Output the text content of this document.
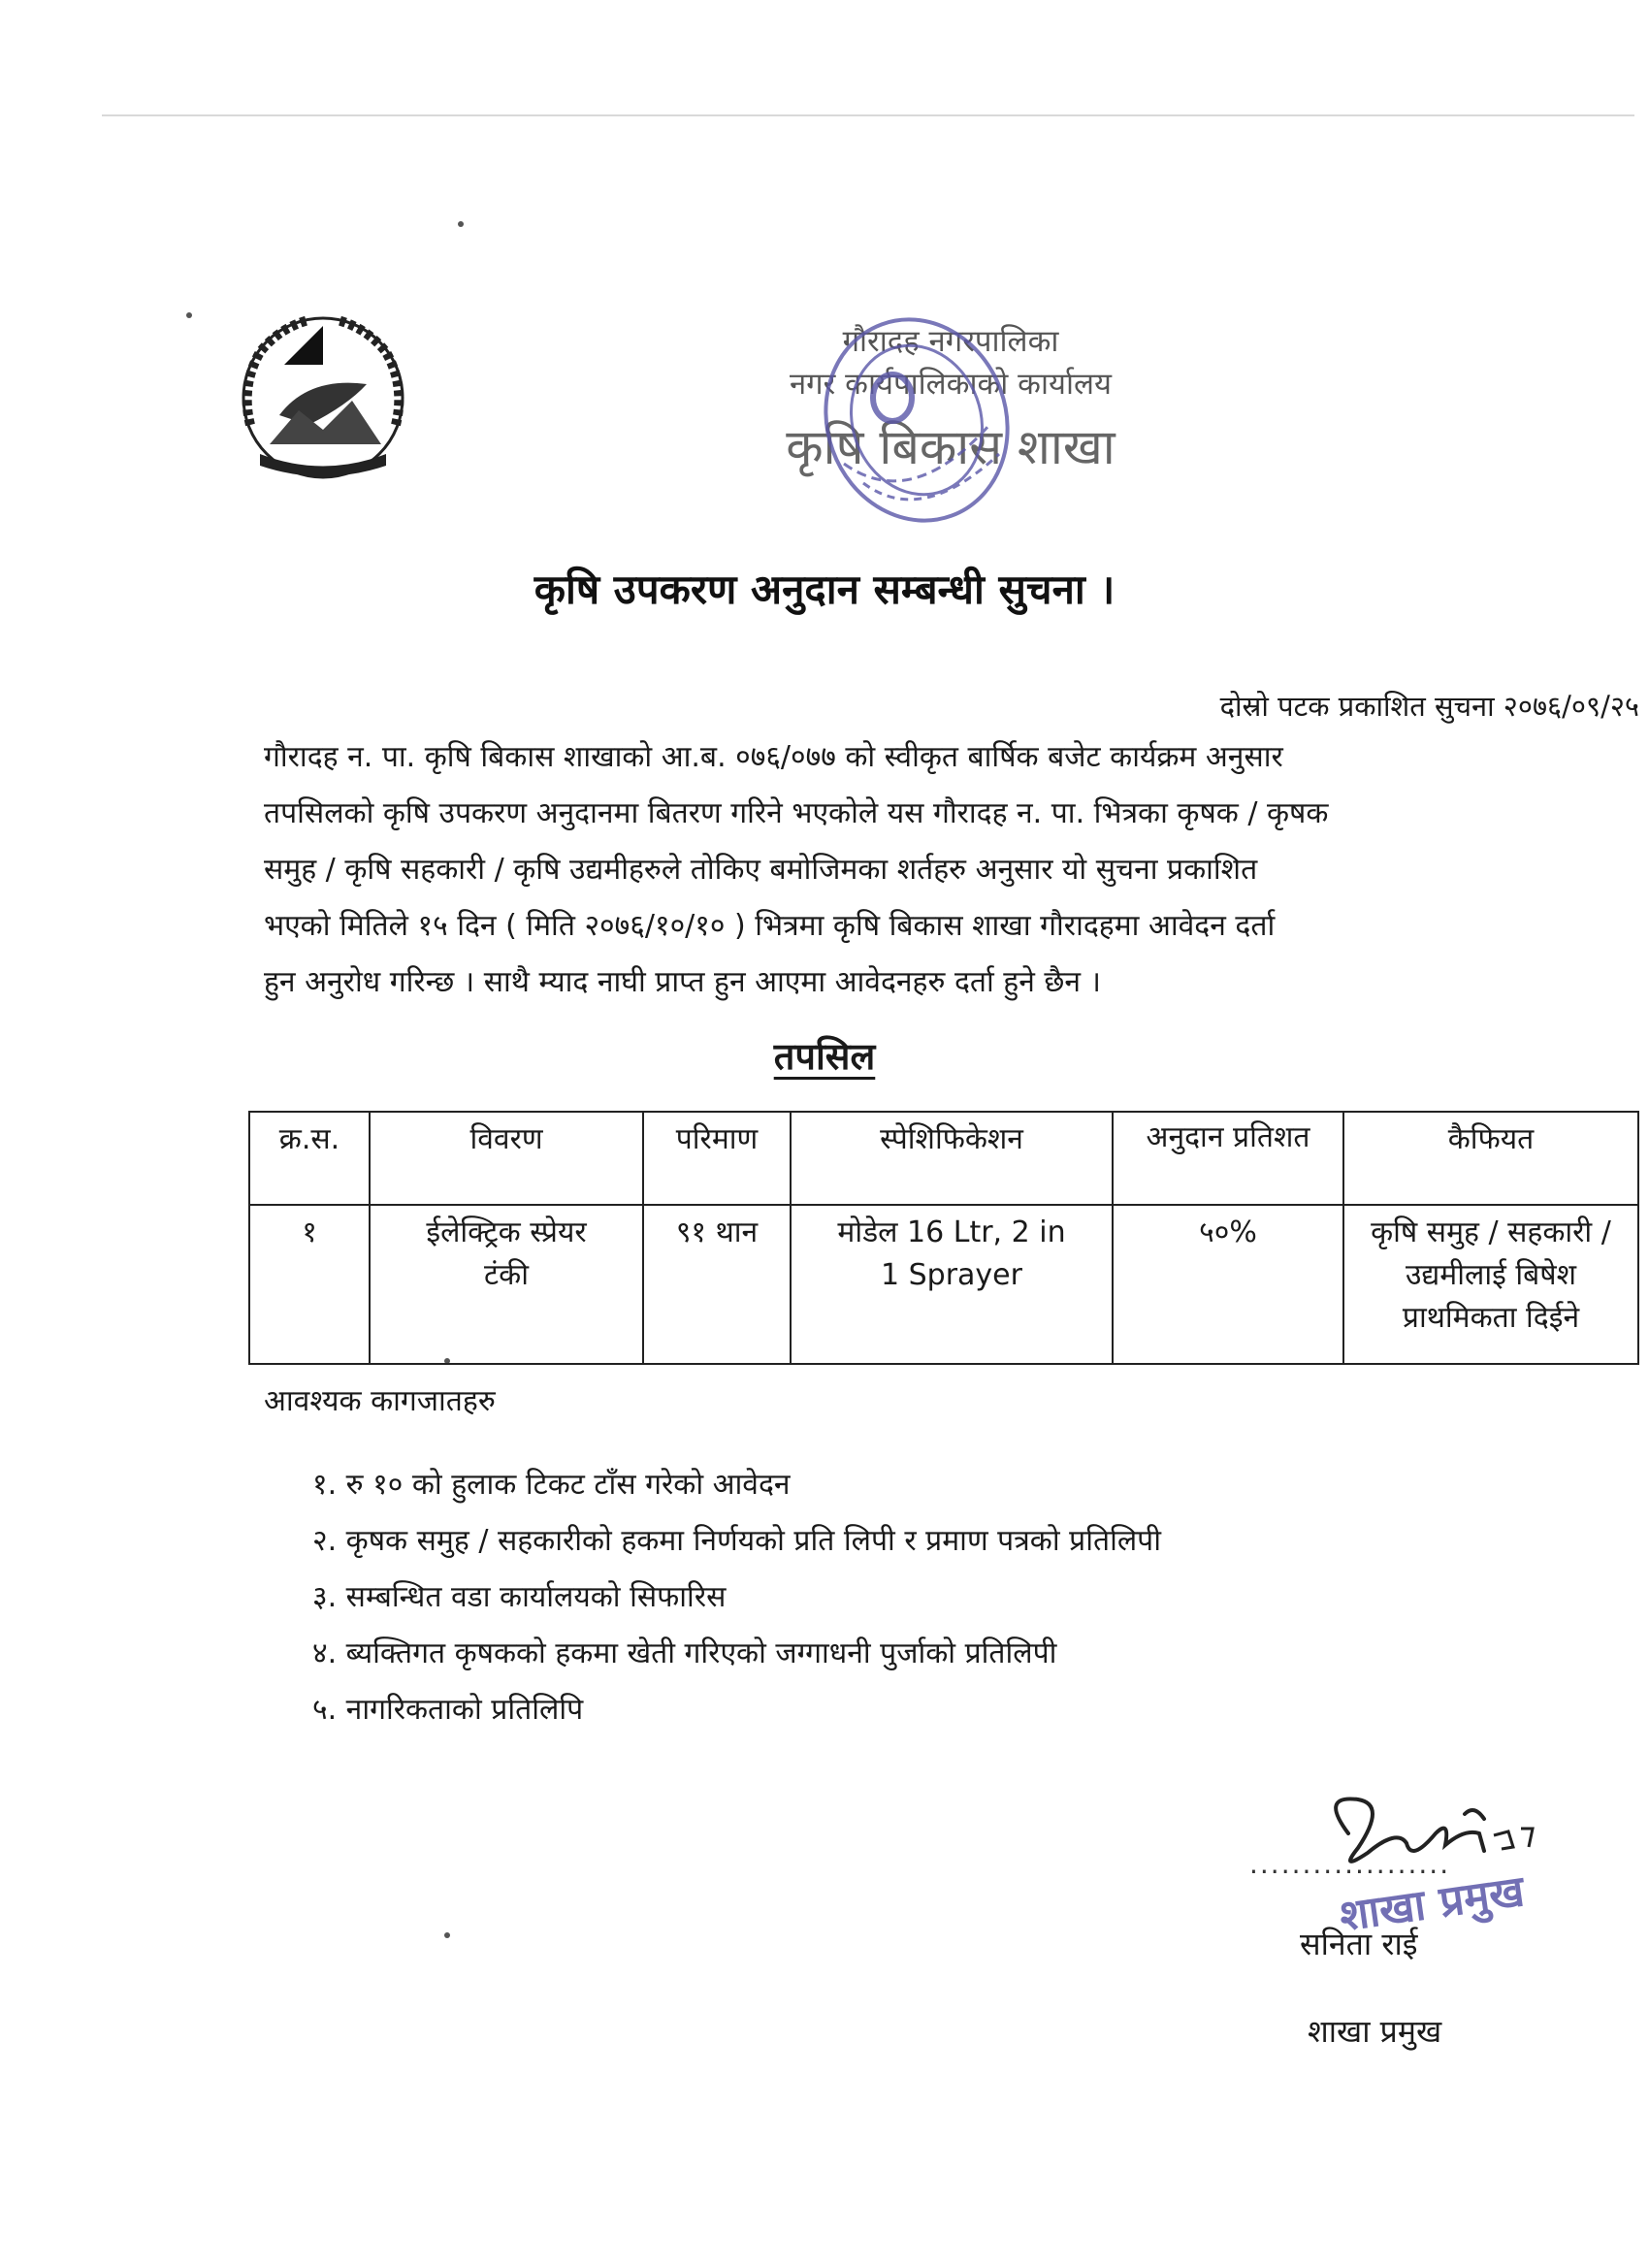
गौरादह नगरपालिका
नगर कार्यपालिकाको कार्यालय
कृषि बिकास शाखा
कृषि उपकरण अनुदान सम्बन्धी सुचना ।
दोस्रो पटक प्रकाशित सुचना २०७६/०९/२५
गौरादह न. पा. कृषि बिकास शाखाको आ.ब. ०७६/०७७ को स्वीकृत बार्षिक बजेट कार्यक्रम अनुसार
तपसिलको कृषि उपकरण अनुदानमा बितरण गरिने भएकोले यस गौरादह न. पा. भित्रका कृषक / कृषक
समुह / कृषि सहकारी / कृषि उद्यमीहरुले तोकिए बमोजिमका शर्तहरु अनुसार यो सुचना प्रकाशित
भएको मितिले १५ दिन ( मिति २०७६/१०/१० ) भित्रमा कृषि बिकास शाखा गौरादहमा आवेदन दर्ता
हुन अनुरोध गरिन्छ । साथै म्याद नाघी प्राप्त हुन आएमा आवेदनहरु दर्ता हुने छैन ।
तपसिल
क्र.स.	विवरण	परिमाण	स्पेशिफिकेशन	अनुदान प्रतिशत	कैफियत
१	ईलेक्ट्रिक स्प्रेयर टंकी	९१ थान	मोडेल 16 Ltr, 2 in 1 Sprayer	५०%	कृषि समुह / सहकारी / उद्यमीलाई बिषेश प्राथमिकता दिईने
आवश्यक कागजातहरु
१. रु १० को हुलाक टिकट टाँस गरेको आवेदन
२. कृषक समुह / सहकारीको हकमा निर्णयको प्रति लिपी र प्रमाण पत्रको प्रतिलिपी
३. सम्बन्धित वडा कार्यालयको सिफारिस
४. ब्यक्तिगत कृषकको हकमा खेती गरिएको जग्गाधनी पुर्जाको प्रतिलिपी
५. नागरिकताको प्रतिलिपि
शाखा प्रमुख
...................
सनिता राई
शाखा प्रमुख
